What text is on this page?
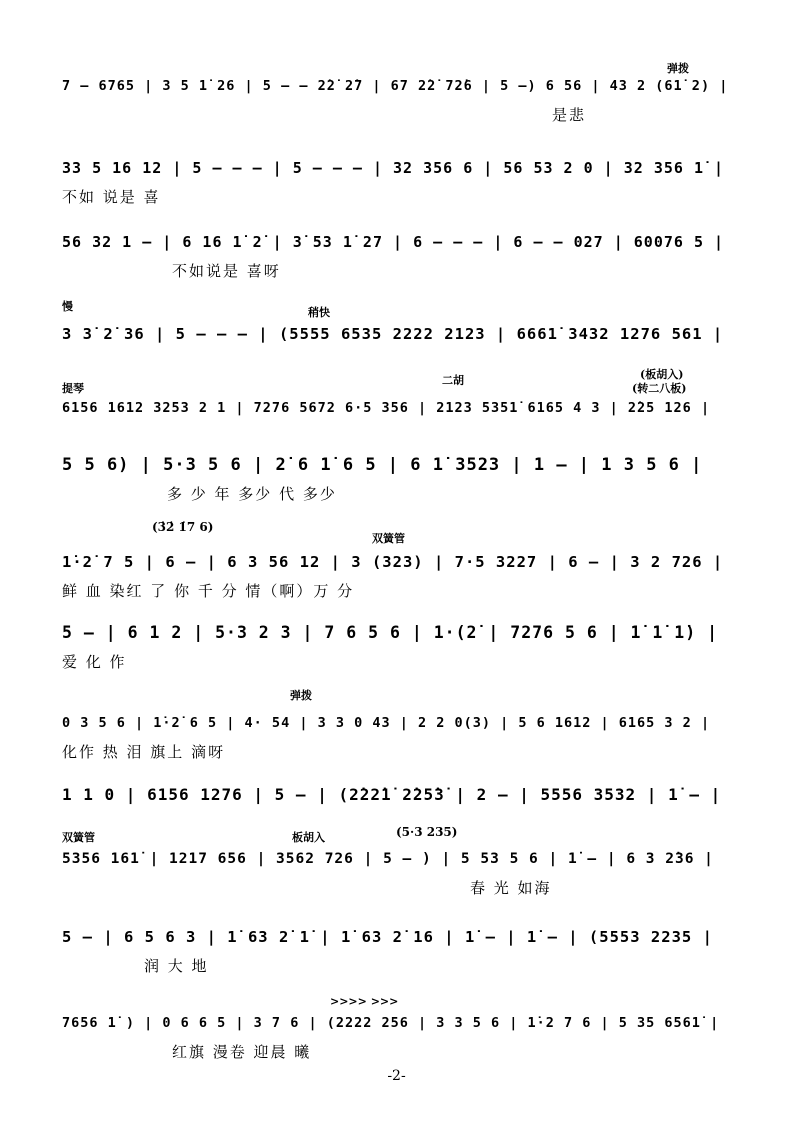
7 – 6765 | 3 5 1̇ 26 | 5 – – 2̇2̇ 2̇7 | 67 2̇2̇ 72̇6 | 5 –) 6 56 | 43 2 (61̇ 2) |
弹拨
是悲
33 5 16 12 | 5 – – – | 5 – – – | 32 356 6 | 56 53 2 0 | 32 356 1̇ |
不如 说是 喜
56 32 1 – | 6 16 1̇ 2̇ | 3̇ 53 1̇ 27 | 6 – – – | 6 – – 027 | 60076 5 |
不如说是 喜呀
慢	稍快
3 3̇ 2̇ 36 | 5 – – – | (5555 6535 2222 2123 | 6661̇ 3432 1276 561 |
提琴
二胡	(板胡入)
(转二八板)
6156 1612 3253 2 1 | 7276 5672 6·5 356 | 2123 5351̇ 6165 4 3 | 2̇25 126 |
5 5 6) | 5·3 5 6 | 2̇ 6 1̇ 6 5 | 6 1̇ 3523 | 1 – | 1 3 5 6 |
多 少 年 多少 代 多少
(3̇2̇ 1̇7 6)
双簧管
1̇·2̇ 7 5 | 6 – | 6 3 56 12 | 3 (323) | 7·5 3227 | 6 – | 3 2 726 |
鲜 血 染红 了 你 千 分 情（啊）万 分
5 – | 6 1 2 | 5·3 2 3 | 7 6 5 6 | 1·(2̇ | 7276 5 6 | 1̇ 1̇ 1̇) |
爱 化 作
弹拨
0 3 5 6 | 1̇·2̇ 6 5 | 4· 54 | 3 3 0 43 | 2 2 0(3) | 5 6 1612 | 6165 3 2 |
化作 热 泪 旗上 滴呀
1 1 0 | 6156 1276 | 5 – | (2̇22̇1̇ 2̇25̇3̇ | 2 – | 5556 3532 | 1̇ – |
双簧管	板胡入	(5·3 235)
5356 161̇ | 1217 656 | 3562 726 | 5 – ) | 5 53 5 6 | 1̇ – | 6 3 2̇36 |
春 光 如海
5 – | 6 5 6 3 | 1̇ 63 2̇ 1̇ | 1̇ 63 2̇ 16 | 1̇ – | 1̇ – | (5553 2235 |
润 大 地
>>>> >>>
7656 1̇ ) | 0 6 6 5 | 3 7 6 | (2222 256 | 3 3 5 6 | 1̇·2 7 6 | 5 35 6561̇ |
红旗 漫卷 迎晨 曦
-2-
